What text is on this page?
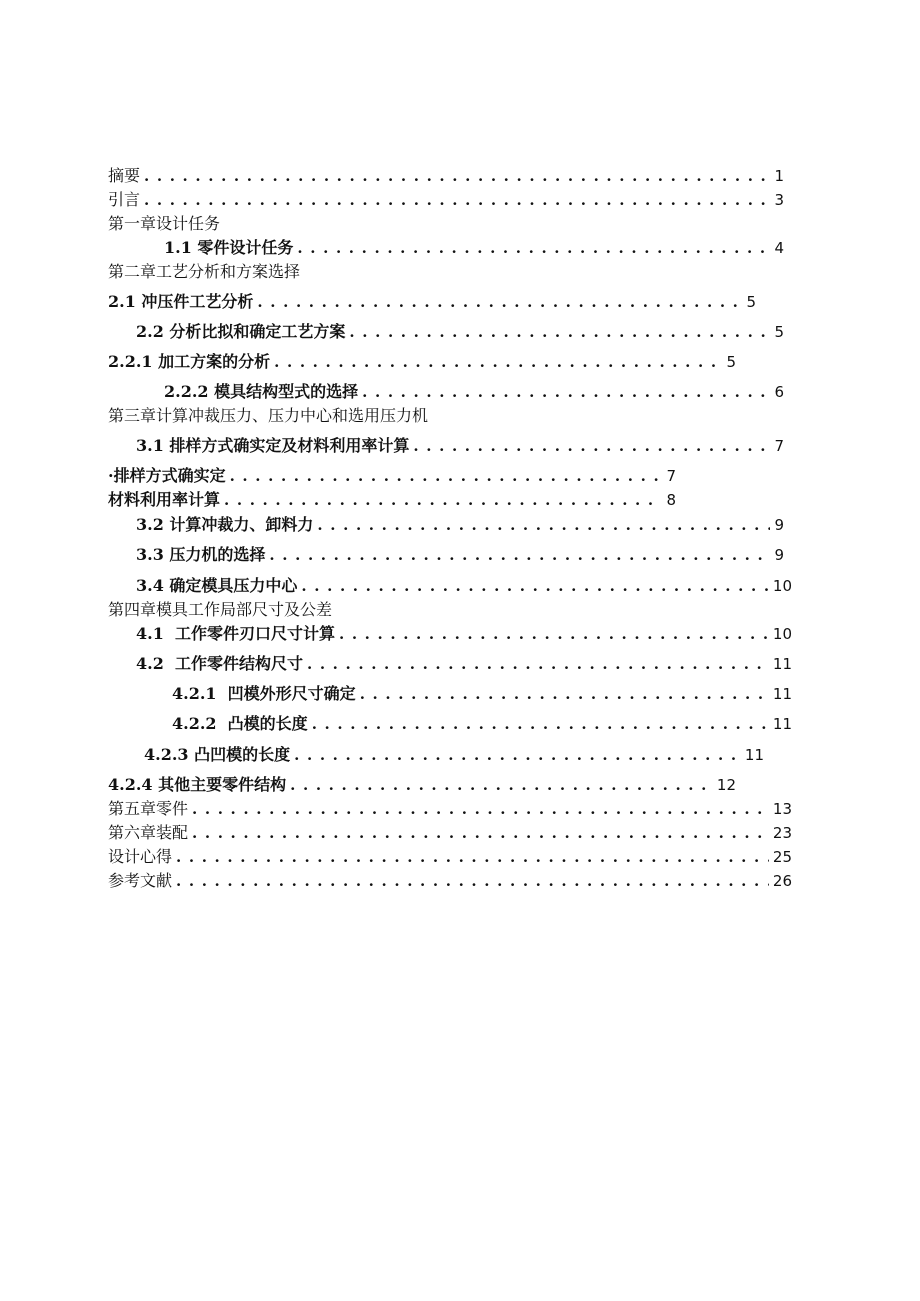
摘要 . . .	1
引言 . . .	3
第一章设计任务
1.1 零件设计任务 . . .	4
第二章工艺分析和方案选择
2.1 冲压件工艺分析 . . .	5
2.2 分析比拟和确定工艺方案 . . .	5
2.2.1 加工方案的分析 . . .	5
2.2.2 模具结构型式的选择 . . .	6
第三章计算冲裁压力、压力中心和选用压力机
3.1 排样方式确实定及材料利用率计算 . . .	7
·排样方式确实定 . . .	7
材料利用率计算 . . .	8
3.2 计算冲裁力、卸料力 . . .	9
3.3 压力机的选择 . . .	9
3.4 确定模具压力中心 . . .	10
第四章模具工作局部尺寸及公差
4.1  工作零件刃口尺寸计算 . . .	10
4.2  工作零件结构尺寸 . . .	11
4.2.1  凹模外形尺寸确定 . . .	11
4.2.2  凸模的长度 . . .	11
4.2.3 凸凹模的长度 . . .	11
4.2.4 其他主要零件结构 . . .	12
第五章零件 . . .	13
第六章装配 . . .	23
设计心得 . . .	25
参考文献 . . .	26
